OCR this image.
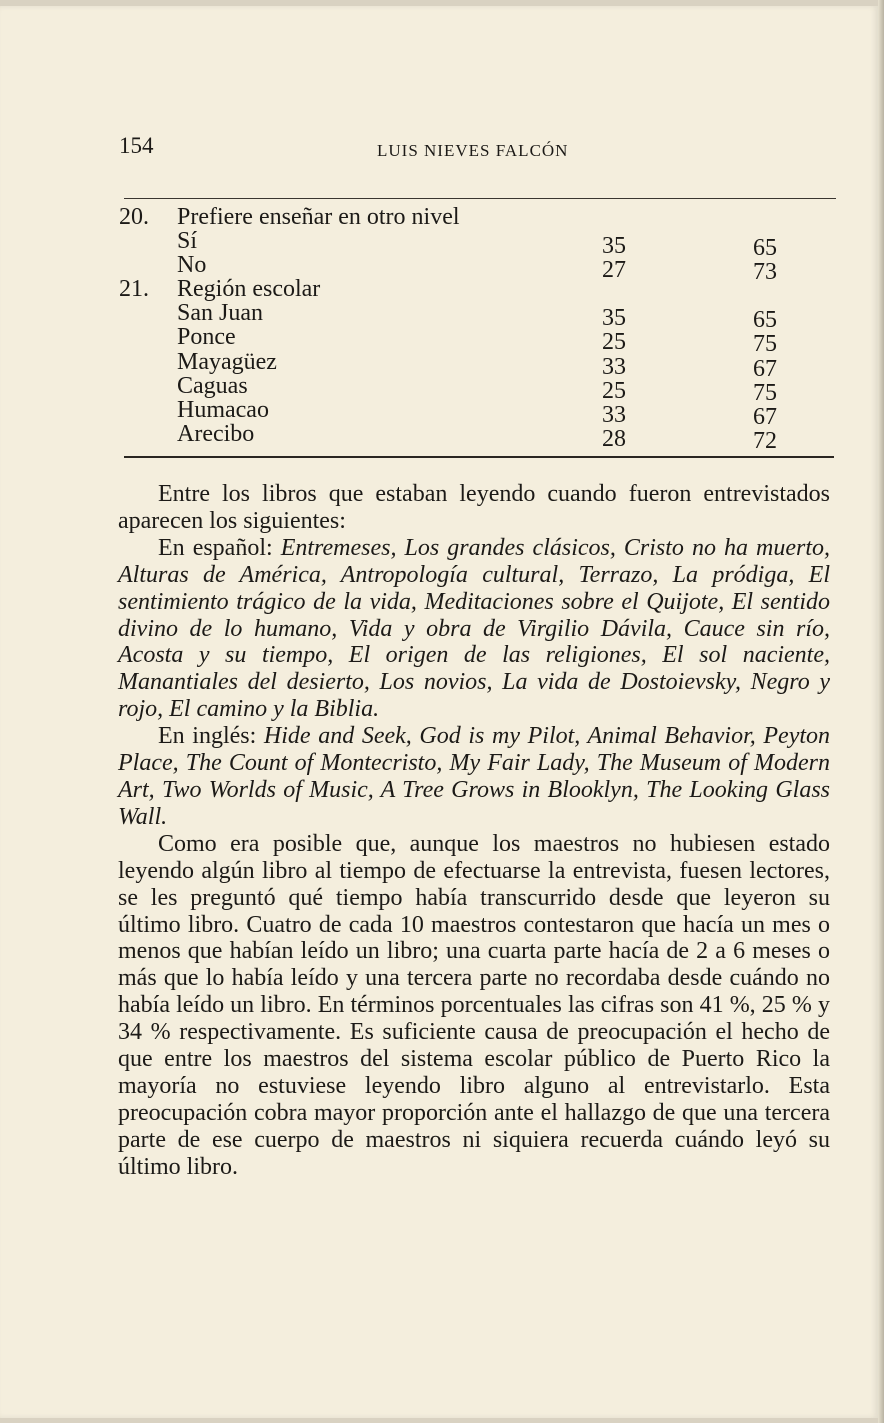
154	LUIS NIEVES FALCÓN
20. Prefiere enseñar en otro nivel
Sí	35	65
No	27	73
21. Región escolar
San Juan	35	65
Ponce	25	75
Mayagüez	33	67
Caguas	25	75
Humacao	33	67
Arecibo	28	72

Entre los libros que estaban leyendo cuando fueron entrevistados aparecen los siguientes:

En español: Entremeses, Los grandes clásicos, Cristo no ha muerto, Alturas de América, Antropología cultural, Terrazo, La pródiga, El sentimiento trágico de la vida, Meditaciones sobre el Quijote, El sentido divino de lo humano, Vida y obra de Virgilio Dávila, Cauce sin río, Acosta y su tiempo, El origen de las religiones, El sol naciente, Manantiales del desierto, Los novios, La vida de Dostoievsky, Negro y rojo, El camino y la Biblia.

En inglés: Hide and Seek, God is my Pilot, Animal Behavior, Peyton Place, The Count of Montecristo, My Fair Lady, The Museum of Modern Art, Two Worlds of Music, A Tree Grows in Blooklyn, The Looking Glass Wall.

Como era posible que, aunque los maestros no hubiesen estado leyendo algún libro al tiempo de efectuarse la entrevista, fuesen lectores, se les preguntó qué tiempo había transcurrido desde que leyeron su último libro. Cuatro de cada 10 maestros contestaron que hacía un mes o menos que habían leído un libro; una cuarta parte hacía de 2 a 6 meses o más que lo había leído y una tercera parte no recordaba desde cuándo no había leído un libro. En términos porcentuales las cifras son 41 %, 25 % y 34 % respectivamente. Es suficiente causa de preocupación el hecho de que entre los maestros del sistema escolar público de Puerto Rico la mayoría no estuviese leyendo libro alguno al entrevistarlo. Esta preocupación cobra mayor proporción ante el hallazgo de que una tercera parte de ese cuerpo de maestros ni siquiera recuerda cuándo leyó su último libro.
